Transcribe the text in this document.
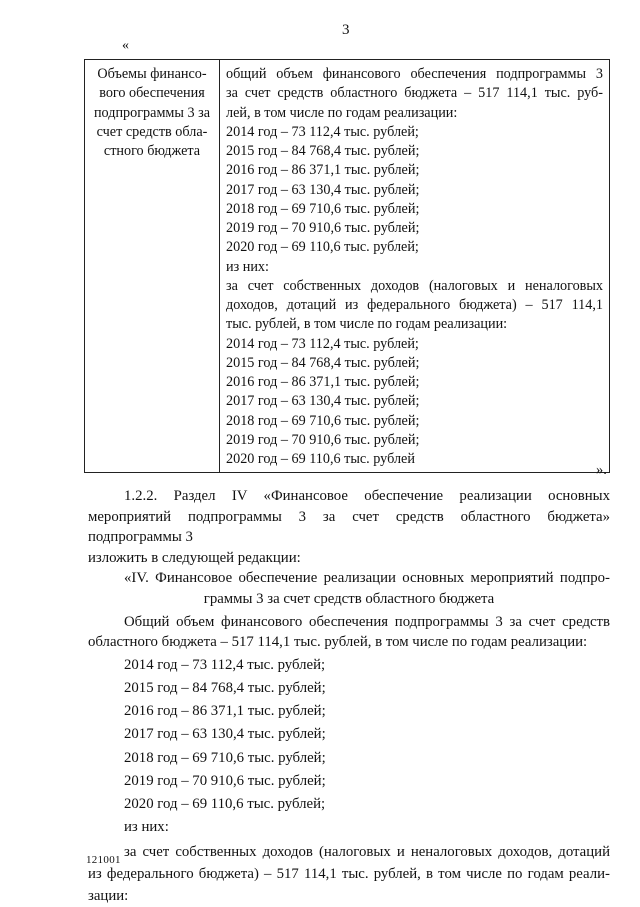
3
«
Объемы финансо-
вого обеспечения
подпрограммы 3 за
счет средств обла-
стного бюджета

общий объем финансового обеспечения подпрограммы 3
за счет средств областного бюджета – 517 114,1 тыс. руб-
лей, в том числе по годам реализации:
2014 год – 73 112,4 тыс. рублей;
2015 год – 84 768,4 тыс. рублей;
2016 год – 86 371,1 тыс. рублей;
2017 год – 63 130,4 тыс. рублей;
2018 год – 69 710,6 тыс. рублей;
2019 год – 70 910,6 тыс. рублей;
2020 год – 69 110,6 тыс. рублей;
из них:
за счет собственных доходов (налоговых и неналоговых
доходов, дотаций из федерального бюджета) – 517 114,1
тыс. рублей, в том числе по годам реализации:
2014 год – 73 112,4 тыс. рублей;
2015 год – 84 768,4 тыс. рублей;
2016 год – 86 371,1 тыс. рублей;
2017 год – 63 130,4 тыс. рублей;
2018 год – 69 710,6 тыс. рублей;
2019 год – 70 910,6 тыс. рублей;
2020 год – 69 110,6 тыс. рублей
».
1.2.2. Раздел IV «Финансовое обеспечение реализации основных мероприятий подпрограммы 3 за счет средств областного бюджета» подпрограммы 3
изложить в следующей редакции:
«IV. Финансовое обеспечение реализации основных мероприятий подпро-
граммы 3 за счет средств областного бюджета
Общий объем финансового обеспечения подпрограммы 3 за счет средств
областного бюджета – 517 114,1 тыс. рублей, в том числе по годам реализации:
2014 год – 73 112,4 тыс. рублей;
2015 год – 84 768,4 тыс. рублей;
2016 год – 86 371,1 тыс. рублей;
2017 год – 63 130,4 тыс. рублей;
2018 год – 69 710,6 тыс. рублей;
2019 год – 70 910,6 тыс. рублей;
2020 год – 69 110,6 тыс. рублей;
из них:
за счет собственных доходов (налоговых и неналоговых доходов, дотаций
из федерального бюджета) – 517 114,1 тыс. рублей, в том числе по годам реали-
зации:
121001
